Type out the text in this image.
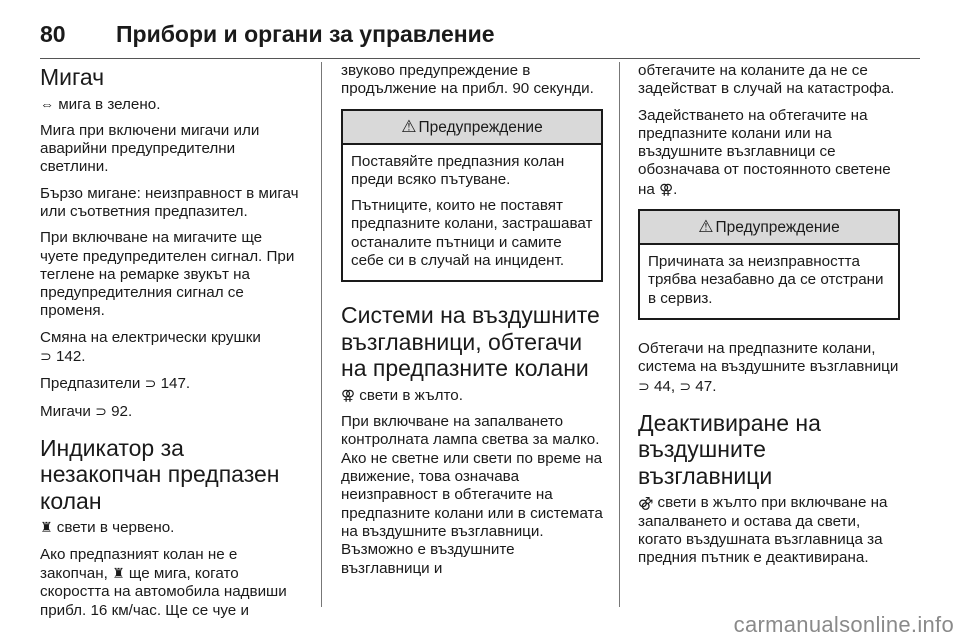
80	Прибори и органи за управление
Мигач

⇔ мига в зелено.

Мига при включени мигачи или аварийни предупредителни светлини.

Бързо мигане: неизправност в мигач или съответния предпазител.

При включване на мигачите ще чуете предупредителен сигнал. При теглене на ремарке звукът на предупредителния сигнал се променя.

Смяна на електрически крушки
⊃ 142.

Предпазители ⊃ 147.

Мигачи ⊃ 92.

Индикатор за незакопчан предпазен колан

♜ свети в червено.

Ако предпазният колан не е закопчан, ♜ ще мига, когато скоростта на автомобила надвиши прибл. 16 км/час. Ще се чуе и

звуково предупреждение в продължение на прибл. 90 секунди.

⚠ Предупреждение

Поставяйте предпазния колан преди всяко пътуване.

Пътниците, които не поставят предпазните колани, застрашават останалите пътници и самите себе си в случай на инцидент.

Системи на въздушните възглавници, обтегачи на предпазните колани

⚢ свети в жълто.

При включване на запалването контролната лампа светва за малко. Ако не светне или свети по време на движение, това означава неизправност в обтегачите на предпазните колани или в системата на въздушните възглавници. Възможно е въздушните възглавници и

обтегачите на коланите да не се задействат в случай на катастрофа.

Задействането на обтегачите на предпазните колани или на въздушните възглавници се обозначава от постоянното светене на ⚢.

⚠ Предупреждение

Причината за неизправността трябва незабавно да се отстрани в сервиз.

Обтегачи на предпазните колани, система на въздушните възглавници ⊃ 44, ⊃ 47.

Деактивиране на въздушните възглавници

⚣ свети в жълто при включване на запалването и остава да свети, когато въздушната възглавница за предния пътник е деактивирана.

carmanualsonline.info
